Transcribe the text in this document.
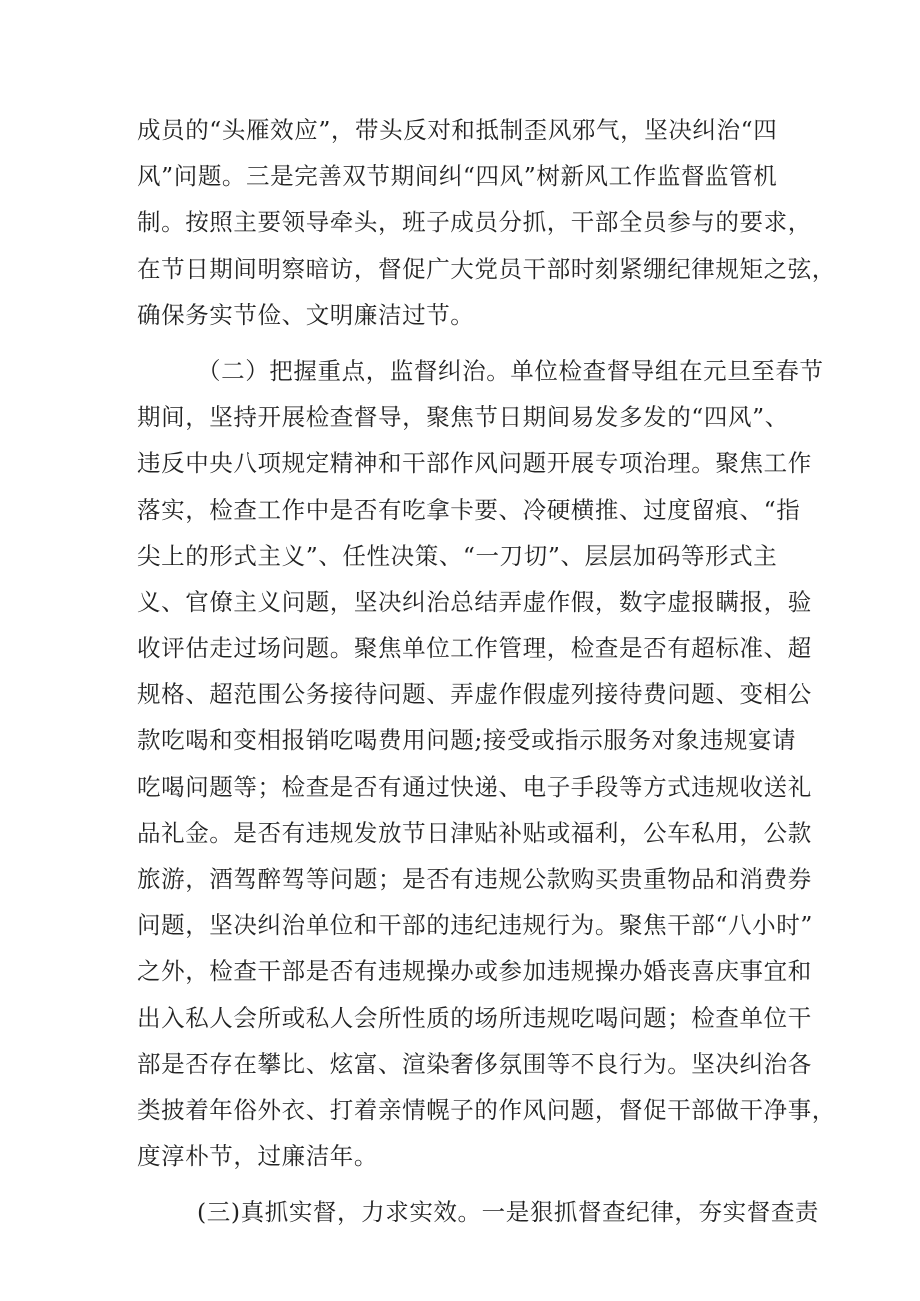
成员的“头雁效应”，带头反对和抵制歪风邪气，坚决纠治“四
风”问题。三是完善双节期间纠“四风”树新风工作监督监管机
制。按照主要领导牵头，班子成员分抓，干部全员参与的要求，
在节日期间明察暗访，督促广大党员干部时刻紧绷纪律规矩之弦，
确保务实节俭、文明廉洁过节。
（二）把握重点，监督纠治。单位检查督导组在元旦至春节
期间，坚持开展检查督导，聚焦节日期间易发多发的“四风”、
违反中央八项规定精神和干部作风问题开展专项治理。聚焦工作
落实，检查工作中是否有吃拿卡要、冷硬横推、过度留痕、“指
尖上的形式主义”、任性决策、“一刀切”、层层加码等形式主
义、官僚主义问题，坚决纠治总结弄虚作假，数字虚报瞒报，验
收评估走过场问题。聚焦单位工作管理，检查是否有超标准、超
规格、超范围公务接待问题、弄虚作假虚列接待费问题、变相公
款吃喝和变相报销吃喝费用问题;接受或指示服务对象违规宴请
吃喝问题等；检查是否有通过快递、电子手段等方式违规收送礼
品礼金。是否有违规发放节日津贴补贴或福利，公车私用，公款
旅游，酒驾醉驾等问题；是否有违规公款购买贵重物品和消费券
问题，坚决纠治单位和干部的违纪违规行为。聚焦干部“八小时”
之外，检查干部是否有违规操办或参加违规操办婚丧喜庆事宜和
出入私人会所或私人会所性质的场所违规吃喝问题；检查单位干
部是否存在攀比、炫富、渲染奢侈氛围等不良行为。坚决纠治各
类披着年俗外衣、打着亲情幌子的作风问题，督促干部做干净事，
度淳朴节，过廉洁年。
(三)真抓实督，力求实效。一是狠抓督查纪律，夯实督查责
